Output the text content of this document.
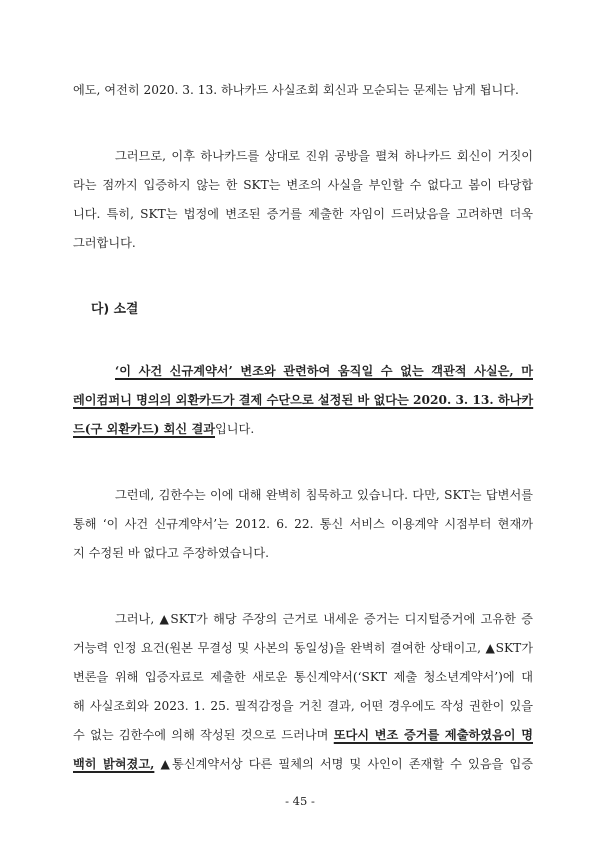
에도, 여전히 2020. 3. 13. 하나카드 사실조회 회신과 모순되는 문제는 남게 됩니다.
그러므로, 이후 하나카드를 상대로 진위 공방을 펼쳐 하나카드 회신이 거짓이
라는 점까지 입증하지 않는 한 SKT는 변조의 사실을 부인할 수 없다고 봄이 타당합
니다. 특히, SKT는 법정에 변조된 증거를 제출한 자임이 드러났음을 고려하면 더욱
그러합니다.
다) 소결
‘이 사건 신규계약서’ 변조와 관련하여 움직일 수 없는 객관적 사실은, 마
레이컴퍼니 명의의 외환카드가 결제 수단으로 설정된 바 없다는 2020. 3. 13. 하나카
드(구 외환카드) 회신 결과입니다.
그런데, 김한수는 이에 대해 완벽히 침묵하고 있습니다. 다만, SKT는 답변서를
통해 ‘이 사건 신규계약서’는 2012. 6. 22. 통신 서비스 이용계약 시점부터 현재까
지 수정된 바 없다고 주장하였습니다.
그러나, ▲SKT가 해당 주장의 근거로 내세운 증거는 디지털증거에 고유한 증
거능력 인정 요건(원본 무결성 및 사본의 동일성)을 완벽히 결여한 상태이고, ▲SKT가
변론을 위해 입증자료로 제출한 새로운 통신계약서(‘SKT 제출 청소년계약서’)에 대
해 사실조회와 2023. 1. 25. 필적감정을 거친 결과, 어떤 경우에도 작성 권한이 있을
수 없는 김한수에 의해 작성된 것으로 드러나며 또다시 변조 증거를 제출하였음이 명
백히 밝혀졌고, ▲통신계약서상 다른 필체의 서명 및 사인이 존재할 수 있음을 입증
- 45 -
